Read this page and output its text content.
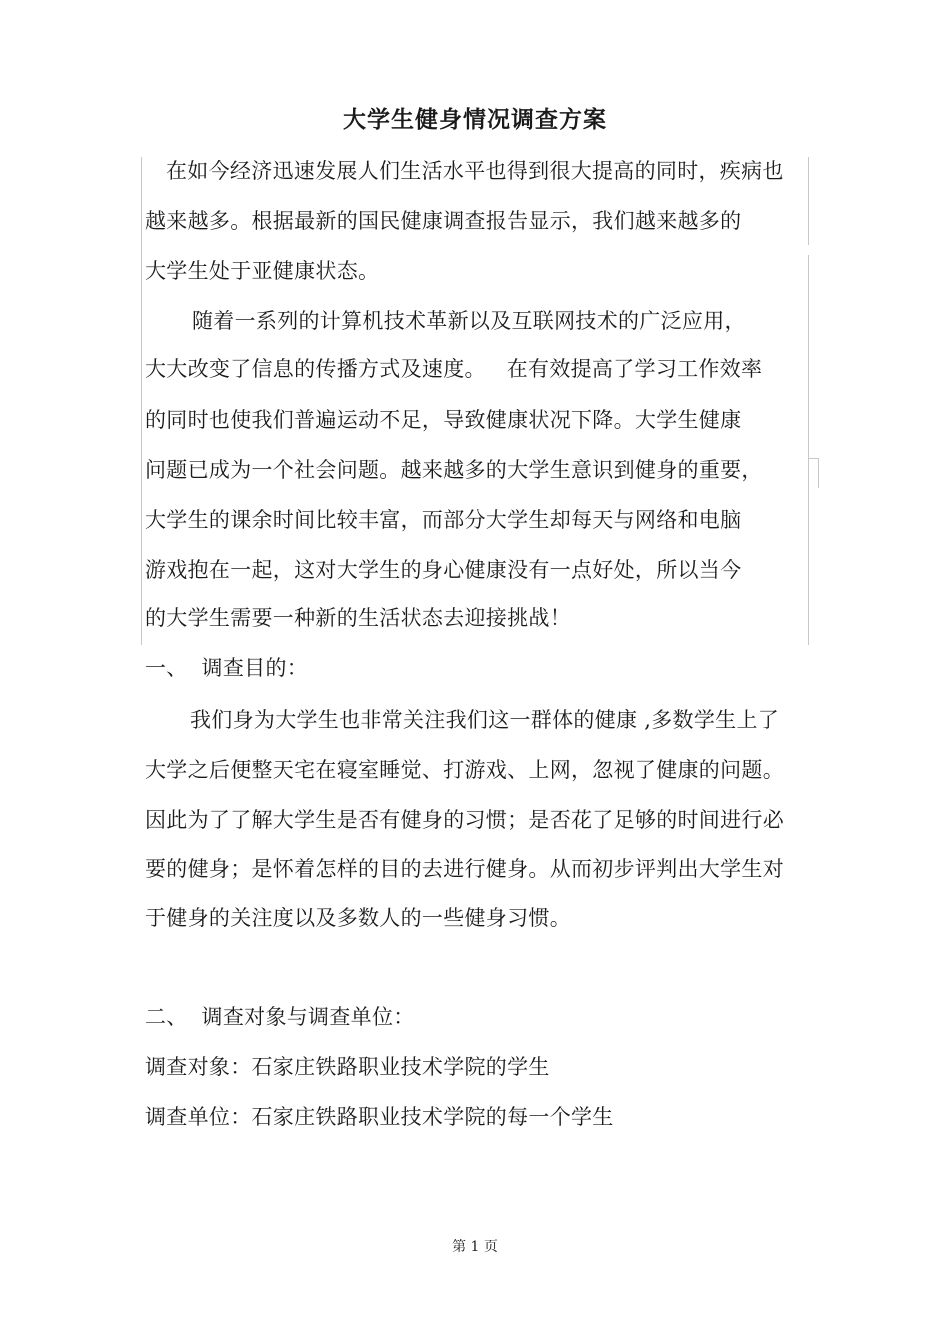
大学生健身情况调查方案
在如今经济迅速发展人们生活水平也得到很大提高的同时，疾病也
越来越多。根据最新的国民健康调查报告显示，我们越来越多的
大学生处于亚健康状态。
随着一系列的计算机技术革新以及互联网技术的广泛应用，
大大改变了信息的传播方式及速度。   在有效提高了学习工作效率
的同时也使我们普遍运动不足，导致健康状况下降。大学生健康
问题已成为一个社会问题。越来越多的大学生意识到健身的重要，
大学生的课余时间比较丰富，而部分大学生却每天与网络和电脑
游戏抱在一起，这对大学生的身心健康没有一点好处，所以当今
的大学生需要一种新的生活状态去迎接挑战！
一、  调查目的：
我们身为大学生也非常关注我们这一群体的健康 ,多数学生上了
大学之后便整天宅在寝室睡觉、打游戏、上网，忽视了健康的问题。
因此为了了解大学生是否有健身的习惯；是否花了足够的时间进行必
要的健身；是怀着怎样的目的去进行健身。从而初步评判出大学生对
于健身的关注度以及多数人的一些健身习惯。
二、  调查对象与调查单位：
调查对象：石家庄铁路职业技术学院的学生
调查单位：石家庄铁路职业技术学院的每一个学生
第 1 页
